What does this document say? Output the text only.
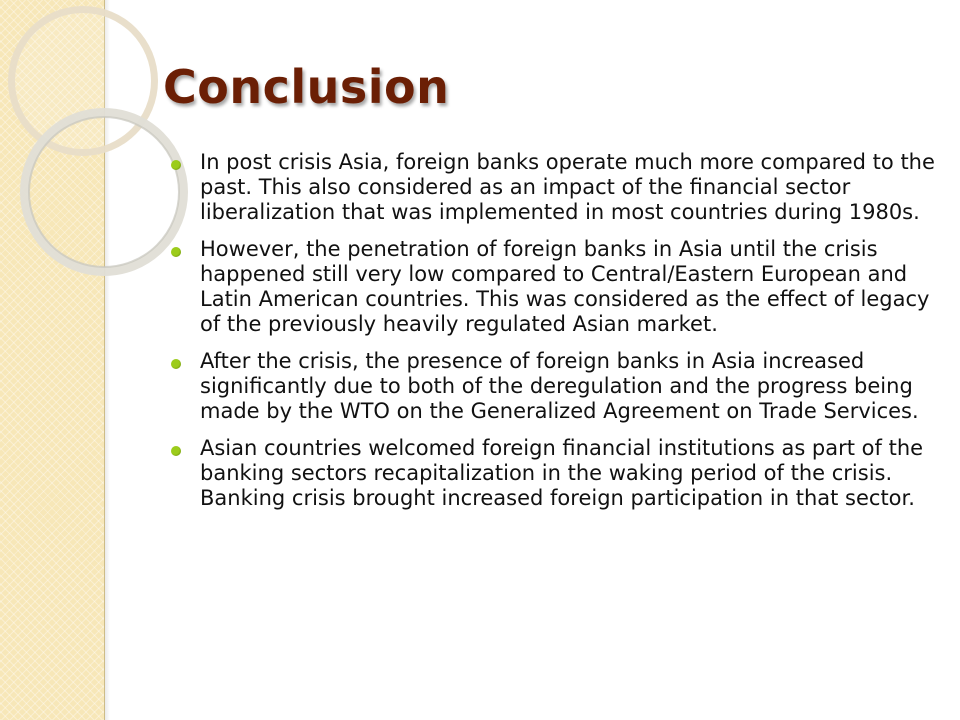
Conclusion
In post crisis Asia, foreign banks operate much more compared to the past. This also considered as an impact of the financial sector liberalization that was implemented in most countries during 1980s.
However, the penetration of foreign banks in Asia until the crisis happened still very low compared to Central/Eastern European and Latin American countries. This was considered as the effect of legacy of the previously heavily regulated Asian market.
After the crisis, the presence of foreign banks in Asia increased significantly due to both of the deregulation and the progress being made by the WTO on the Generalized Agreement on Trade Services.
Asian countries welcomed foreign financial institutions as part of the banking sectors recapitalization in the waking period of the crisis. Banking crisis brought increased foreign participation in that sector.
